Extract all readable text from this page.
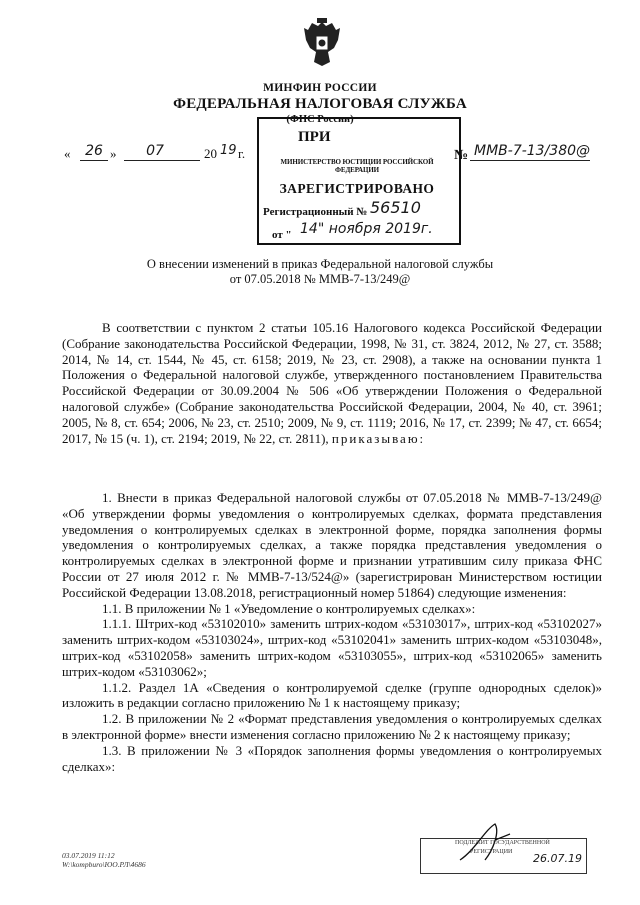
МИНФИН РОССИИ
ФЕДЕРАЛЬНАЯ НАЛОГОВАЯ СЛУЖБА
(ФНС России)
ПРИ
МИНИСТЕРСТВО ЮСТИЦИИ РОССИЙСКОЙ ФЕДЕРАЦИИ
ЗАРЕГИСТРИРОВАНО
Регистрационный № 56510
от " 14" ноября 2019г.
« 26 »	07	20 19 г.	№ ММВ-7-13/380@
О внесении изменений в приказ Федеральной налоговой службы
от 07.05.2018 № ММВ-7-13/249@

В соответствии с пунктом 2 статьи 105.16 Налогового кодекса Российской Федерации (Собрание законодательства Российской Федерации, 1998, № 31, ст. 3824, 2012, № 27, ст. 3588; 2014, № 14, ст. 1544, № 45, ст. 6158; 2019, № 23, ст. 2908), а также на основании пункта 1 Положения о Федеральной налоговой службе, утвержденного постановлением Правительства Российской Федерации от 30.09.2004 № 506 «Об утверждении Положения о Федеральной налоговой службе» (Собрание законодательства Российской Федерации, 2004, № 40, ст. 3961; 2005, № 8, ст. 654; 2006, № 23, ст. 2510; 2009, № 9, ст. 1119; 2016, № 17, ст. 2399; № 47, ст. 6654; 2017, № 15 (ч. 1), ст. 2194; 2019, № 22, ст. 2811), приказываю:

1. Внести в приказ Федеральной налоговой службы от 07.05.2018 № ММВ-7-13/249@ «Об утверждении формы уведомления о контролируемых сделках, формата представления уведомления о контролируемых сделках в электронной форме, порядка заполнения формы уведомления о контролируемых сделках, а также порядка представления уведомления о контролируемых сделках в электронной форме и признании утратившим силу приказа ФНС России от 27 июля 2012 г. № ММВ-7-13/524@» (зарегистрирован Министерством юстиции Российской Федерации 13.08.2018, регистрационный номер 51864) следующие изменения:

1.1. В приложении № 1 «Уведомление о контролируемых сделках»:

1.1.1. Штрих-код «53102010» заменить штрих-кодом «53103017», штрих-код «53102027» заменить штрих-кодом «53103024», штрих-код «53102041» заменить штрих-кодом «53103048», штрих-код «53102058» заменить штрих-кодом «53103055», штрих-код «53102065» заменить штрих-кодом «53103062»;

1.1.2. Раздел 1А «Сведения о контролируемой сделке (группе однородных сделок)» изложить в редакции согласно приложению № 1 к настоящему приказу;

1.2. В приложении № 2 «Формат представления уведомления о контролируемых сделках в электронной форме» внести изменения согласно приложению № 2 к настоящему приказу;

1.3. В приложении № 3 «Порядок заполнения формы уведомления о контролируемых сделках»:

03.07.2019 11:12
W:\kompburo\ЮО.РЛ\4686
ПОДЛЕЖИТ ГОСУДАРСТВЕННОЙ
РЕГИСТРАЦИИ 26.07.19
